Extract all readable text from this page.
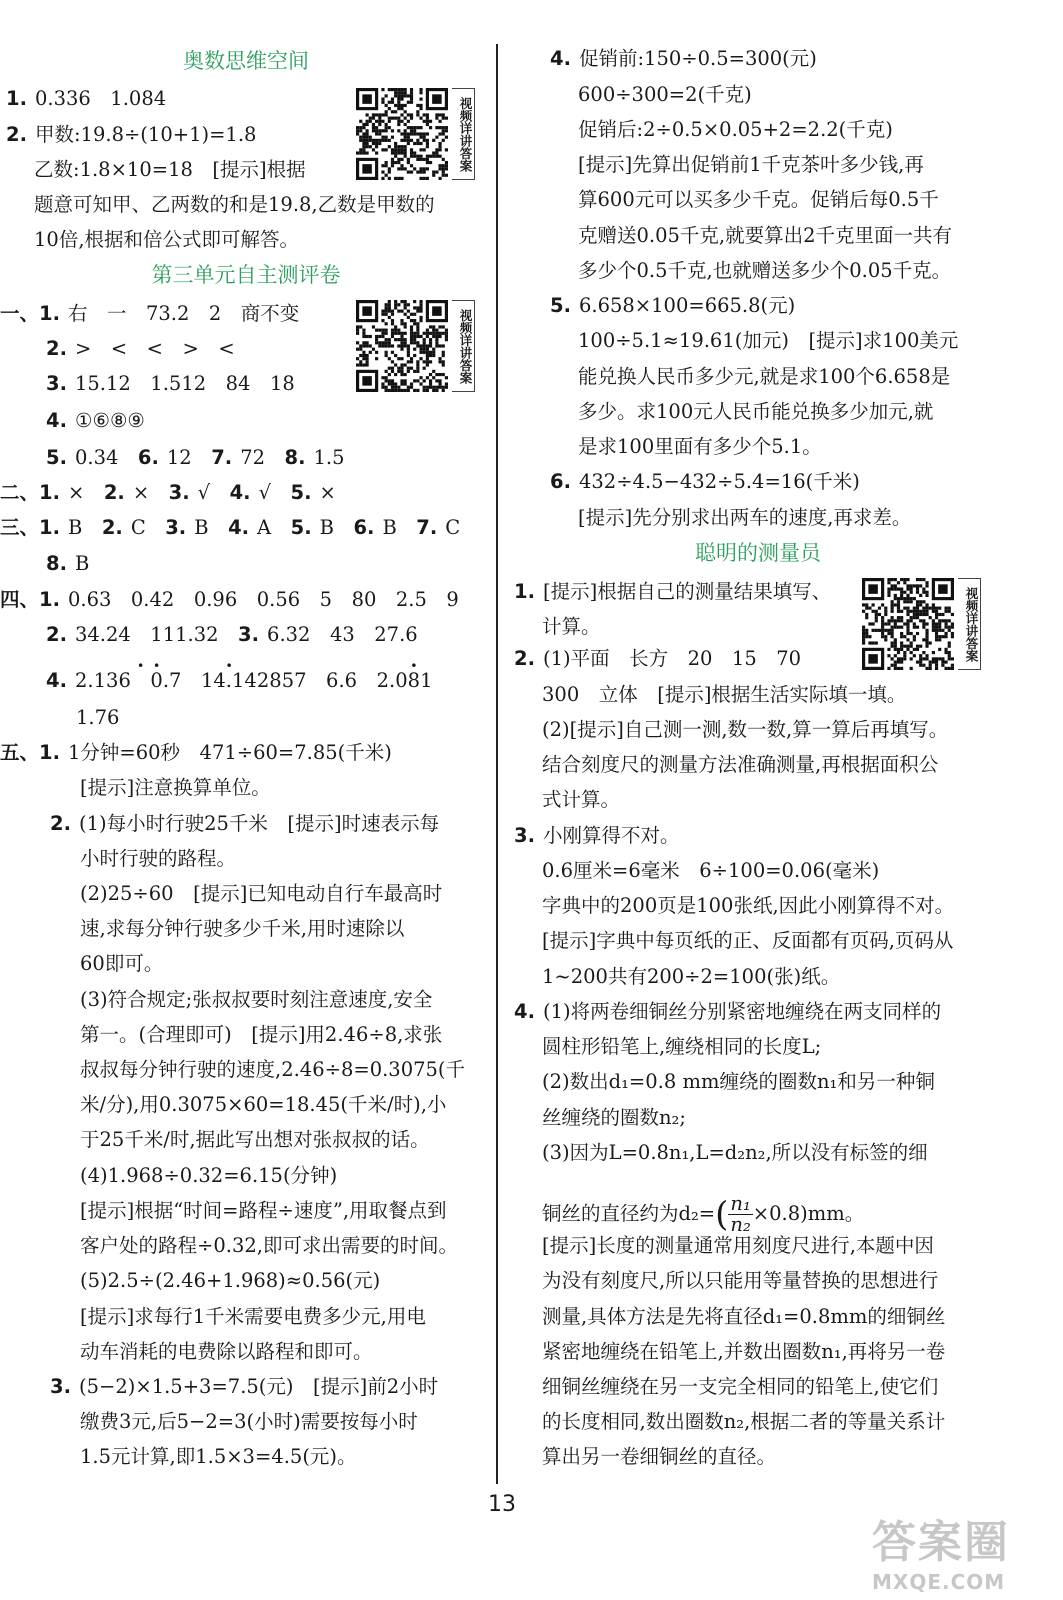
奥数思维空间
1. 0.336　1.084
2. 甲数:19.8÷(10+1)=1.8
乙数:1.8×10=18　[提示]根据
题意可知甲、乙两数的和是19.8,乙数是甲数的
10倍,根据和倍公式即可解答。
第三单元自主测评卷
一、1. 右　一　73.2　2　商不变
2. >　<　<　>　<
3. 15.12　1.512　84　18
4. ①⑥⑧⑨
5. 0.34　6. 12　7. 72　8. 1.5
二、1. ×　2. ×　3. √　4. √　5. ×
三、1. B　2. C　3. B　4. A　5. B　6. B　7. C
8. B
四、1. 0.63　0.42　0.96　0.56　5　80　2.5　9
2. 34.24　111.32　3. 6.32　43　27.6
4. 2.136 · 　 · 0.7　 14· .142857　 6.6　 2.0· 81
1.76
五、1. 1分钟=60秒　471÷60=7.85(千米)
[提示]注意换算单位。
2. (1)每小时行驶25千米　[提示]时速表示每
小时行驶的路程。
(2)25÷60　[提示]已知电动自行车最高时
速,求每分钟行驶多少千米,用时速除以
60即可。
(3)符合规定;张叔叔要时刻注意速度,安全
第一。(合理即可)　[提示]用2.46÷8,求张
叔叔每分钟行驶的速度,2.46÷8=0.3075(千
米/分),用0.3075×60=18.45(千米/时),小
于25千米/时,据此写出想对张叔叔的话。
(4)1.968÷0.32=6.15(分钟)
[提示]根据“时间=路程÷速度”,用取餐点到
客户处的路程÷0.32,即可求出需要的时间。
(5)2.5÷(2.46+1.968)≈0.56(元)
[提示]求每行1千米需要电费多少元,用电
动车消耗的电费除以路程和即可。
3. (5−2)×1.5+3=7.5(元)　[提示]前2小时
缴费3元,后5−2=3(小时)需要按每小时
1.5元计算,即1.5×3=4.5(元)。
4. 促销前:150÷0.5=300(元)
600÷300=2(千克)
促销后:2÷0.5×0.05+2=2.2(千克)
[提示]先算出促销前1千克茶叶多少钱,再
算600元可以买多少千克。促销后每0.5千
克赠送0.05千克,就要算出2千克里面一共有
多少个0.5千克,也就赠送多少个0.05千克。
5. 6.658×100=665.8(元)
100÷5.1≈19.61(加元)　[提示]求100美元
能兑换人民币多少元,就是求100个6.658是
多少。求100元人民币能兑换多少加元,就
是求100里面有多少个5.1。
6. 432÷4.5−432÷5.4=16(千米)
[提示]先分别求出两车的速度,再求差。
聪明的测量员
1. [提示]根据自己的测量结果填写、
计算。
2. (1)平面　长方　20　15　70
300　立体　[提示]根据生活实际填一填。
(2)[提示]自己测一测,数一数,算一算后再填写。
结合刻度尺的测量方法准确测量,再根据面积公
式计算。
3. 小刚算得不对。
0.6厘米=6毫米　6÷100=0.06(毫米)
字典中的200页是100张纸,因此小刚算得不对。
[提示]字典中每页纸的正、反面都有页码,页码从
1~200共有200÷2=100(张)纸。
4. (1)将两卷细铜丝分别紧密地缠绕在两支同样的
圆柱形铅笔上,缠绕相同的长度L;
(2)数出d₁=0.8 mm缠绕的圈数n₁和另一种铜
丝缠绕的圈数n₂;
(3)因为L=0.8n₁,L=d₂n₂,所以没有标签的细
铜丝的直径约为$d_2=( \frac{\text{n₁}}{\text{n₂}} \times 0.8)mm$。
[提示]长度的测量通常用刻度尺进行,本题中因
为没有刻度尺,所以只能用等量替换的思想进行
测量,具体方法是先将直径d₁=0.8mm的细铜丝
紧密地缠绕在铅笔上,并数出圈数n₁,再将另一卷
细铜丝缠绕在另一支完全相同的铅笔上,使它们
的长度相同,数出圈数n₂,根据二者的等量关系计
算出另一卷细铜丝的直径。
视频详讲答案
视频详讲答案
视频详讲答案
13
答案圈
MXQE.COM
